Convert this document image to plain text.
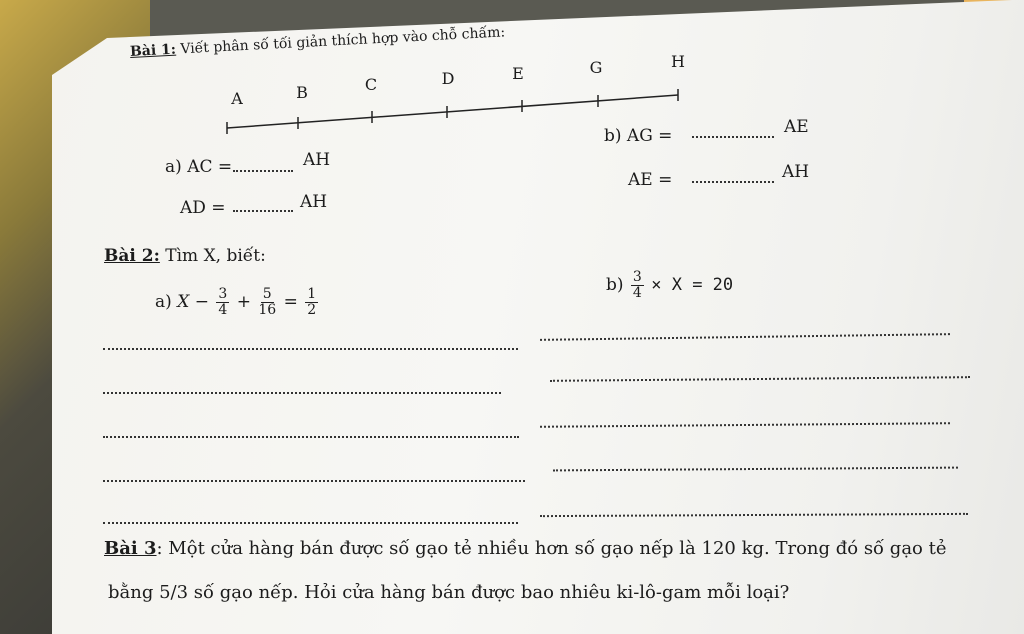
Bài 1: Viết phân số tối giản thích hợp vào chỗ chấm:
A	B	C	D	E	G	H
a) AC =	AH
AD =	AH
b) AG =	AE
AE =	AH
Bài 2: Tìm X, biết:
a) $X - \frac{3}{4} + \frac{5}{16} = \frac{1}{2}$
$b) \frac{3}{4} \times X = 20$
Bài 3: Một cửa hàng bán được số gạo tẻ nhiều hơn số gạo nếp là 120 kg. Trong đó số gạo tẻ
bằng 5/3 số gạo nếp. Hỏi cửa hàng bán được bao nhiêu ki-lô-gam mỗi loại?
